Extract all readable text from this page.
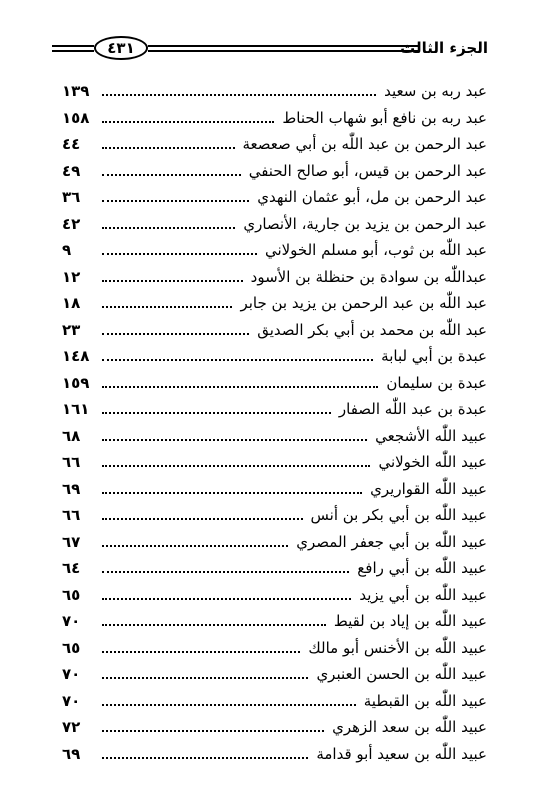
٤٣١	الجزء الثالث
عبد ربه بن سعيد
١٣٩
عبد ربه بن نافع أبو شهاب الحناط
١٥٨
عبد الرحمن بن عبد اللّٰه بن أبي صعصعة
٤٤
عبد الرحمن بن قيس، أبو صالح الحنفي
٤٩
عبد الرحمن بن مل، أبو عثمان النهدي
٣٦
عبد الرحمن بن يزيد بن جارية، الأنصاري
٤٢
عبد اللّٰه بن ثوب، أبو مسلم الخولاني
٩
عبداللّٰه بن سوادة بن حنظلة بن الأسود
١٢
عبد اللّٰه بن عبد الرحمن بن يزيد بن جابر
١٨
عبد اللّٰه بن محمد بن أبي بكر الصديق
٢٣
عبدة بن أبي لبابة
١٤٨
عبدة بن سليمان
١٥٩
عبدة بن عبد اللّٰه الصفار
١٦١
عبيد اللّٰه الأشجعي
٦٨
عبيد اللّٰه الخولاني
٦٦
عبيد اللّٰه القواريري
٦٩
عبيد اللّٰه بن أبي بكر بن أنس
٦٦
عبيد اللّٰه بن أبي جعفر المصري
٦٧
عبيد اللّٰه بن أبي رافع
٦٤
عبيد اللّٰه بن أبي يزيد
٦٥
عبيد اللّٰه بن إياد بن لقيط
٧٠
عبيد اللّٰه بن الأخنس أبو مالك
٦٥
عبيد اللّٰه بن الحسن العنبري
٧٠
عبيد اللّٰه بن القبطية
٧٠
عبيد اللّٰه بن سعد الزهري
٧٢
عبيد اللّٰه بن سعيد أبو قدامة
٦٩
